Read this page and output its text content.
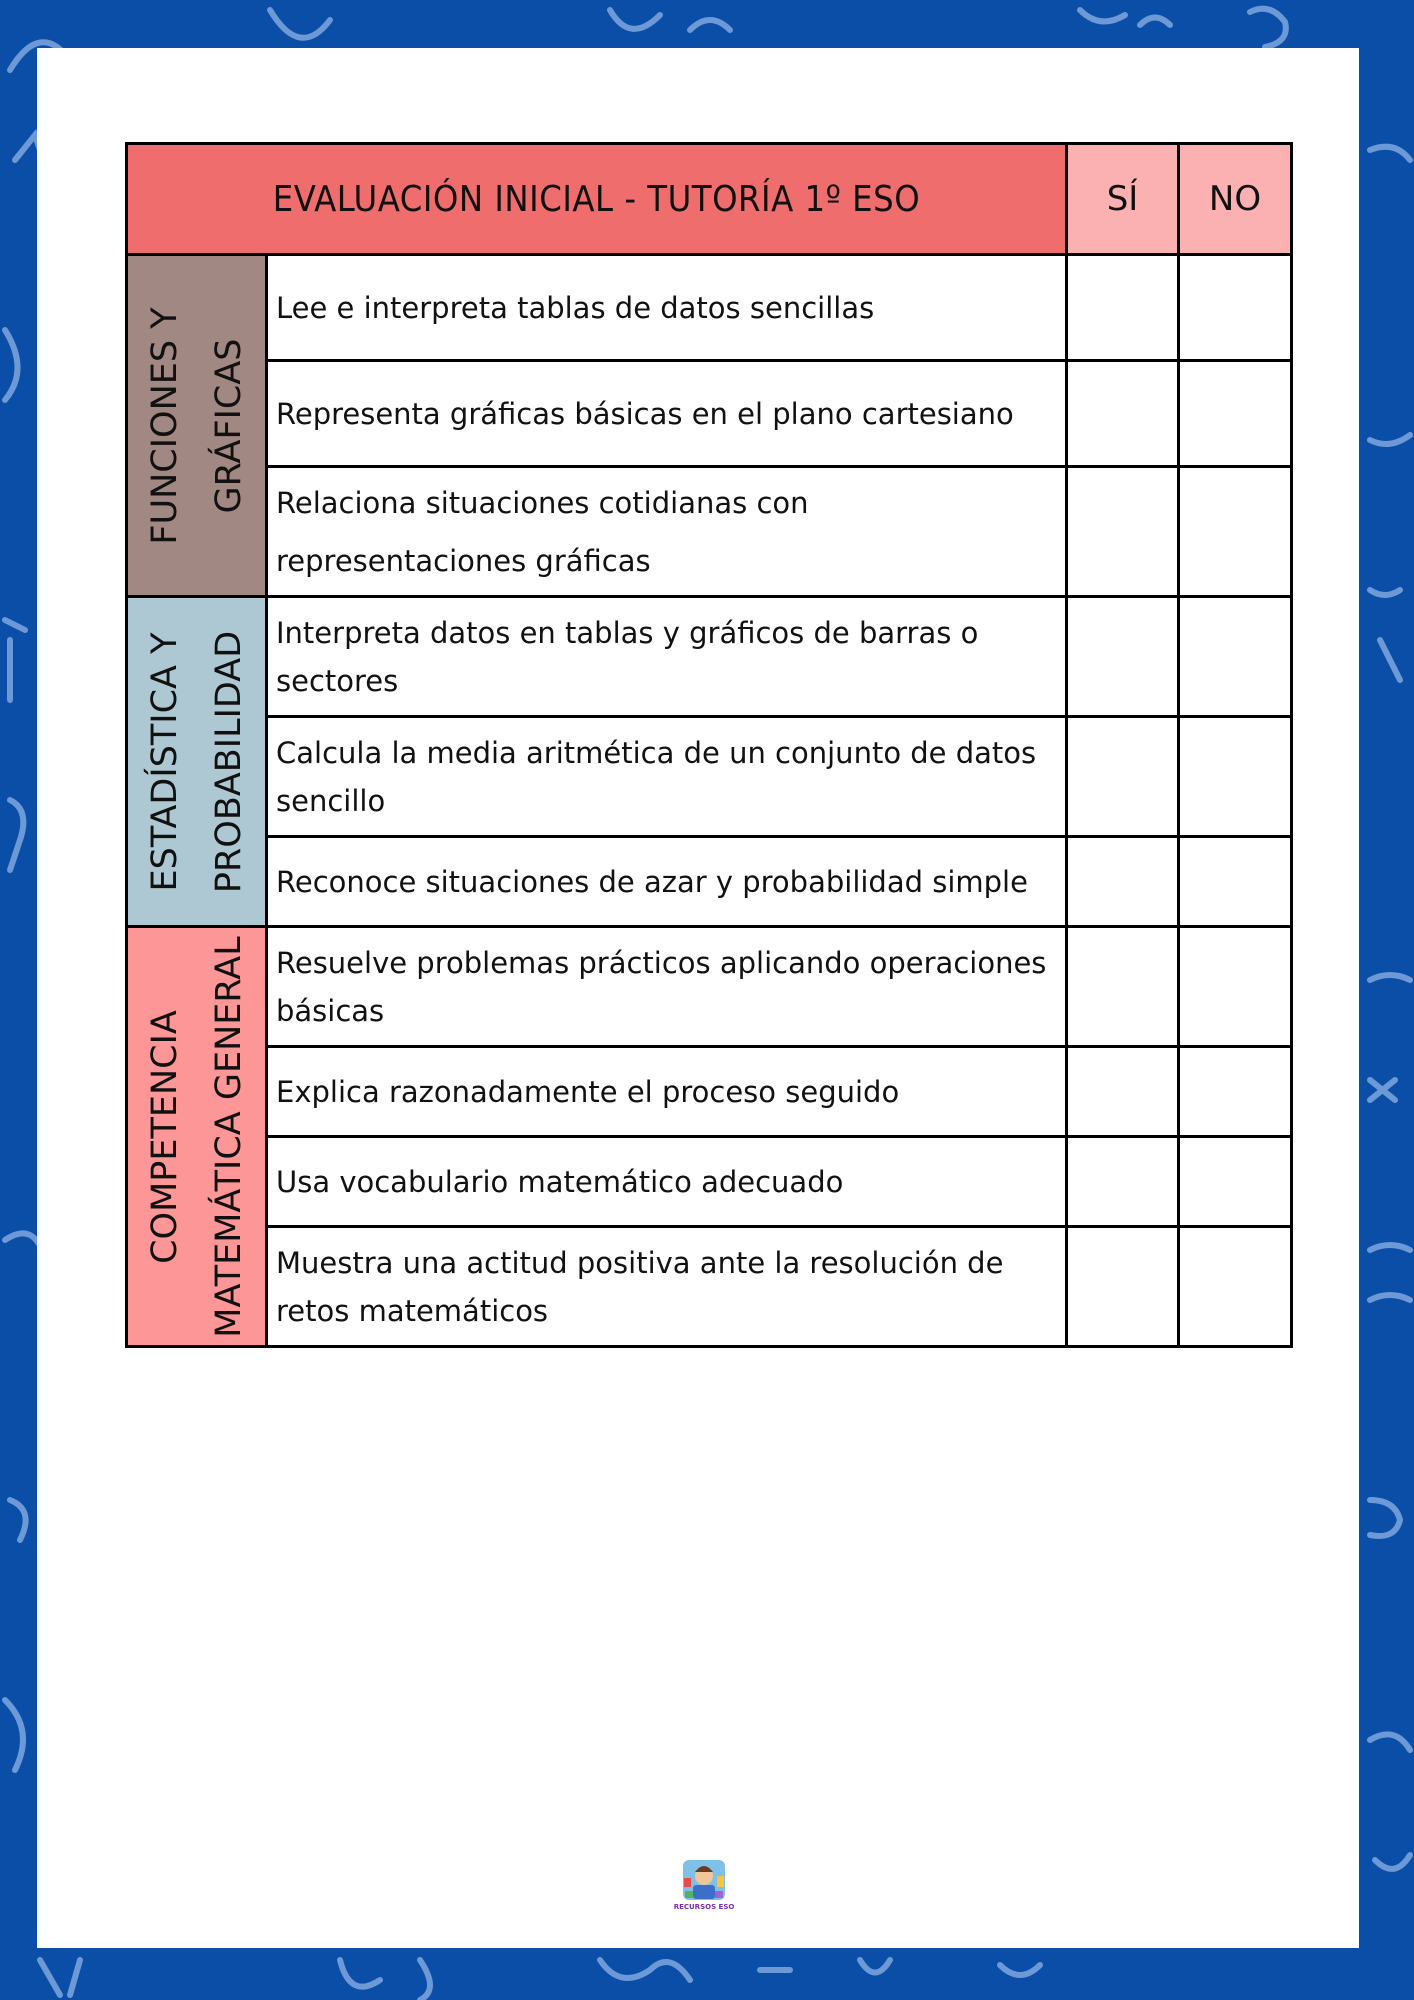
EVALUACIÓN INICIAL - TUTORÍA 1º ESO		SÍ	NO

FUNCIONES Y GRÁFICAS	Lee e interpreta tablas de datos sencillas		
	Representa gráficas básicas en el plano cartesiano		
	Relaciona situaciones cotidianas con representaciones gráficas		

ESTADÍSTICA Y PROBABILIDAD	Interpreta datos en tablas y gráficos de barras o sectores		
	Calcula la media aritmética de un conjunto de datos sencillo		
	Reconoce situaciones de azar y probabilidad simple		

COMPETENCIA MATEMÁTICA GENERAL	Resuelve problemas prácticos aplicando operaciones básicas		
	Explica razonadamente el proceso seguido		
	Usa vocabulario matemático adecuado		
	Muestra una actitud positiva ante la resolución de retos matemáticos		
RECURSOS ESO
